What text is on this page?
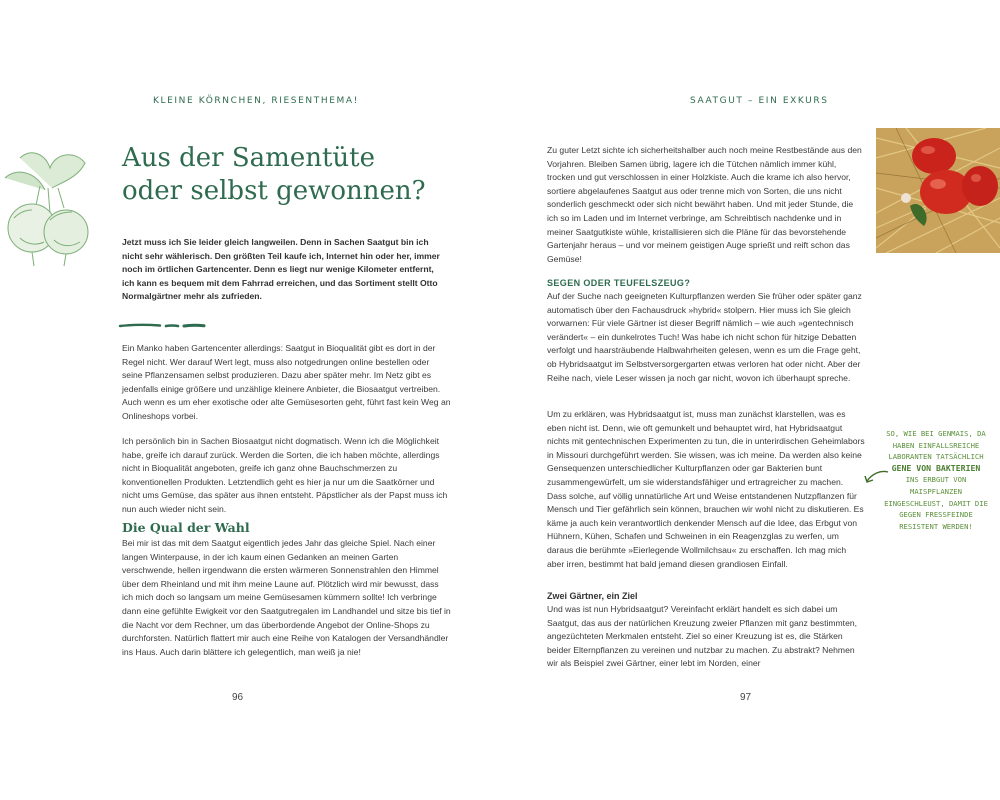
KLEINE KÖRNCHEN, RIESENTHEMA!
Aus der Samentüte
oder selbst gewonnen?

Jetzt muss ich Sie leider gleich langweilen. Denn in Sachen Saatgut bin ich nicht sehr wählerisch. Den größten Teil kaufe ich, Internet hin oder her, immer noch im örtlichen Gartencenter. Denn es liegt nur wenige Kilometer entfernt, ich kann es bequem mit dem Fahrrad erreichen, und das Sortiment stellt Otto Normalgärtner mehr als zufrieden.

Ein Manko haben Gartencenter allerdings: Saatgut in Bioqualität gibt es dort in der Regel nicht. Wer darauf Wert legt, muss also notgedrungen online bestellen oder seine Pflanzensamen selbst produzieren. Dazu aber später mehr. Im Netz gibt es jedenfalls einige größere und unzählige kleinere Anbieter, die Biosaatgut vertreiben. Auch wenn es um eher exotische oder alte Gemüsesorten geht, führt fast kein Weg an Onlineshops vorbei.

Ich persönlich bin in Sachen Biosaatgut nicht dogmatisch. Wenn ich die Möglichkeit habe, greife ich darauf zurück. Werden die Sorten, die ich haben möchte, allerdings nicht in Bioqualität angeboten, greife ich ganz ohne Bauchschmerzen zu konventionellen Produkten. Letztendlich geht es hier ja nur um die Saatkörner und nicht ums Gemüse, das später aus ihnen entsteht. Päpstlicher als der Papst muss ich nun auch wieder nicht sein.

Die Qual der Wahl

Bei mir ist das mit dem Saatgut eigentlich jedes Jahr das gleiche Spiel. Nach einer langen Winterpause, in der ich kaum einen Gedanken an meinen Garten verschwende, hellen irgendwann die ersten wärmeren Sonnenstrahlen den Himmel über dem Rheinland und mit ihm meine Laune auf. Plötzlich wird mir bewusst, dass ich mich doch so langsam um meine Gemüsesamen kümmern sollte! Ich verbringe dann eine gefühlte Ewigkeit vor den Saatgutregalen im Landhandel und sitze bis tief in die Nacht vor dem Rechner, um das überbordende Angebot der Online-Shops zu durchforsten. Natürlich flattert mir auch eine Reihe von Katalogen der Versandhändler ins Haus. Auch darin blättere ich gelegentlich, man weiß ja nie!

96
SAATGUT – EIN EXKURS

Zu guter Letzt sichte ich sicherheitshalber auch noch meine Restbestände aus den Vorjahren. Bleiben Samen übrig, lagere ich die Tütchen nämlich immer kühl, trocken und gut verschlossen in einer Holzkiste. Auch die krame ich also hervor, sortiere abgelaufenes Saatgut aus oder trenne mich von Sorten, die uns nicht sonderlich geschmeckt oder sich nicht bewährt haben. Und mit jeder Stunde, die ich so im Laden und im Internet verbringe, am Schreibtisch nachdenke und in meiner Saatgutkiste wühle, kristallisieren sich die Pläne für das bevorstehende Gartenjahr heraus – und vor meinem geistigen Auge sprießt und reift schon das Gemüse!

SEGEN ODER TEUFELSZEUG?

Auf der Suche nach geeigneten Kulturpflanzen werden Sie früher oder später ganz automatisch über den Fachausdruck »hybrid« stolpern. Hier muss ich Sie gleich vorwarnen: Für viele Gärtner ist dieser Begriff nämlich – wie auch »gentechnisch verändert« – ein dunkelrotes Tuch! Was habe ich nicht schon für hitzige Debatten verfolgt und haarsträubende Halbwahrheiten gelesen, wenn es um die Frage geht, ob Hybridsaatgut im Selbstversorgergarten etwas verloren hat oder nicht. Aber der Reihe nach, viele Leser wissen ja noch gar nicht, wovon ich überhaupt spreche.

Um zu erklären, was Hybridsaatgut ist, muss man zunächst klarstellen, was es eben nicht ist. Denn, wie oft gemunkelt und behauptet wird, hat Hybridsaatgut nichts mit gentechnischen Experimenten zu tun, die in unterirdischen Geheimlabors in Missouri durchgeführt werden. Sie wissen, was ich meine. Da werden also keine Gensequenzen unterschiedlicher Kulturpflanzen oder gar Bakterien bunt zusammengewürfelt, um sie widerstandsfähiger und ertragreicher zu machen. Dass solche, auf völlig unnatürliche Art und Weise entstandenen Nutzpflanzen für Mensch und Tier gefährlich sein können, brauchen wir wohl nicht zu diskutieren. Es käme ja auch kein verantwortlich denkender Mensch auf die Idee, das Erbgut von Hühnern, Kühen, Schafen und Schweinen in ein Reagenzglas zu werfen, um daraus die berühmte »Eierlegende Wollmilchsau« zu erschaffen. Ich mag mich aber irren, bestimmt hat bald jemand diesen grandiosen Einfall.

Zwei Gärtner, ein Ziel

Und was ist nun Hybridsaatgut? Vereinfacht erklärt handelt es sich dabei um Saatgut, das aus der natürlichen Kreuzung zweier Pflanzen mit ganz bestimmten, angezüchteten Merkmalen entsteht. Ziel so einer Kreuzung ist es, die Stärken beider Elternpflanzen zu vereinen und nutzbar zu machen. Zu abstrakt? Nehmen wir als Beispiel zwei Gärtner, einer lebt im Norden, einer

97
SO, WIE BEI GENMAIS, DA HABEN EINFALLSREICHE LABORANTEN TATSÄCHLICH
GENE VON BAKTERIEN
INS ERBGUT VON MAISPFLANZEN EINGESCHLEUST, DAMIT DIE GEGEN FRESSFEINDE RESISTENT WERDEN!
